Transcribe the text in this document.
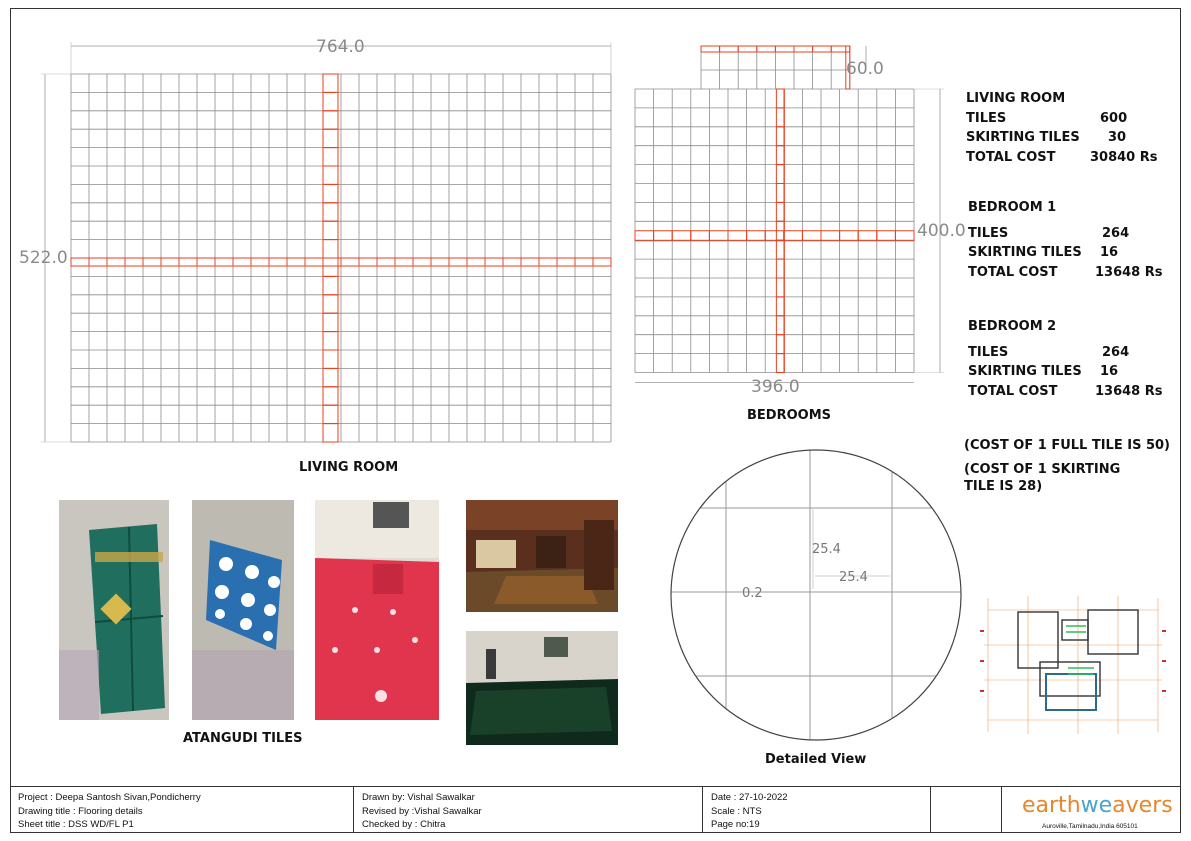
764.0
522.0
LIVING ROOM
60.0
400.0
396.0
BEDROOMS
LIVING ROOM
TILES	600
SKIRTING TILES	30
TOTAL COST	30840 Rs
BEDROOM 1
TILES	264
SKIRTING TILES	16
TOTAL COST	13648 Rs
BEDROOM 2
TILES	264
SKIRTING TILES	16
TOTAL COST	13648 Rs
(COST OF 1 FULL TILE IS 50)
(COST OF 1 SKIRTING
TILE IS 28)
25.4
25.4
0.2
Detailed View
ATANGUDI TILES
Project : Deepa Santosh Sivan,Pondicherry
Drawing title : Flooring details
Sheet title : DSS WD/FL P1
Drawn by: Vishal Sawalkar
Revised by :Vishal Sawalkar
Checked by : Chitra
Date : 27-10-2022
Scale : NTS
Page no:19
earthweavers
Auroville,Tamilnadu,India 605101
